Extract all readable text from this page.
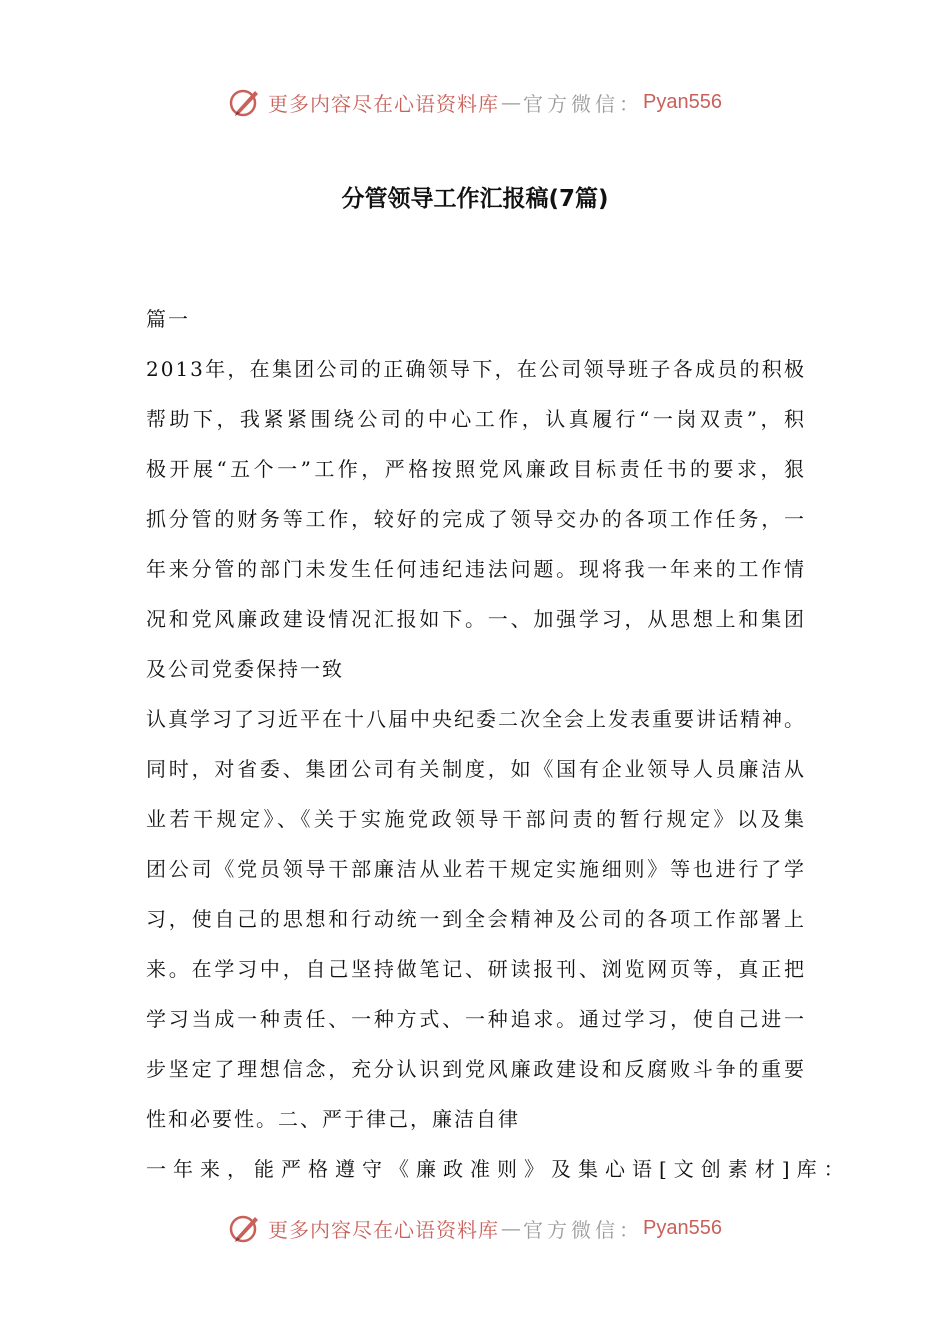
更多内容尽在心语资料库 — 官方微信： Pyan556
分管领导工作汇报稿(7篇)
篇一
2013年，在集团公司的正确领导下，在公司领导班子各成员的积极
帮助下，我紧紧围绕公司的中心工作，认真履行“一岗双责”，积
极开展“五个一”工作，严格按照党风廉政目标责任书的要求，狠
抓分管的财务等工作，较好的完成了领导交办的各项工作任务，一
年来分管的部门未发生任何违纪违法问题。现将我一年来的工作情
况和党风廉政建设情况汇报如下。一、加强学习，从思想上和集团
及公司党委保持一致
认真学习了习近平在十八届中央纪委二次全会上发表重要讲话精神。
同时，对省委、集团公司有关制度，如《国有企业领导人员廉洁从
业若干规定》、《关于实施党政领导干部问责的暂行规定》以及集
团公司《党员领导干部廉洁从业若干规定实施细则》等也进行了学
习，使自己的思想和行动统一到全会精神及公司的各项工作部署上
来。在学习中，自己坚持做笔记、研读报刊、浏览网页等，真正把
学习当成一种责任、一种方式、一种追求。通过学习，使自己进一
步坚定了理想信念，充分认识到党风廉政建设和反腐败斗争的重要
性和必要性。二、严于律己，廉洁自律
一年来，能严格遵守《廉政准则》及集心语[文创素材]库：
更多内容尽在心语资料库 — 官方微信： Pyan556
